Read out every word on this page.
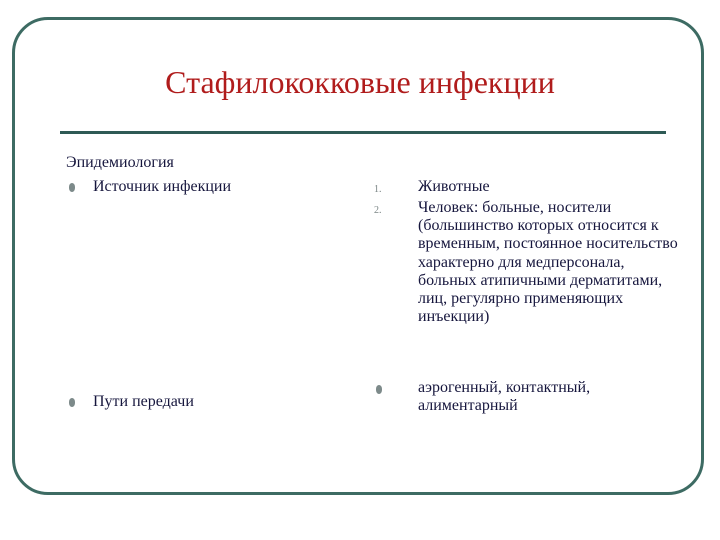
Стафилококковые инфекции
Эпидемиология
Источник инфекции
Пути передачи
1. Животные
2. Человек: больные, носители (большинство которых относится к временным, постоянное носительство характерно для медперсонала, больных атипичными дерматитами, лиц, регулярно применяющих инъекции)
аэрогенный, контактный, алиментарный
